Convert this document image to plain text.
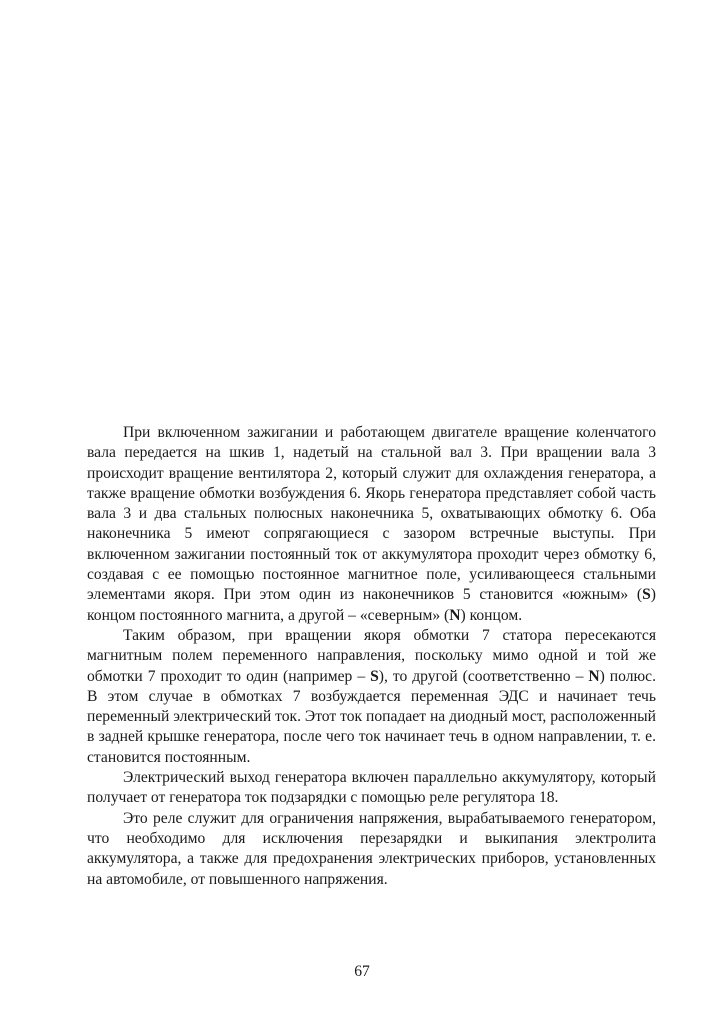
При включенном зажигании и работающем двигателе вращение коленчатого вала передается на шкив 1, надетый на стальной вал 3. При вращении вала 3 происходит вращение вентилятора 2, который служит для охлаждения генератора, а также вращение обмотки возбуждения 6. Якорь генератора представляет собой часть вала 3 и два стальных полюсных наконечника 5, охватывающих обмотку 6. Оба наконечника 5 имеют сопрягающиеся с зазором встречные выступы. При включенном зажигании постоянный ток от аккумулятора проходит через обмотку 6, создавая с ее помощью постоянное магнитное поле, усиливающееся стальными элементами якоря. При этом один из наконечников 5 становится «южным» (S) концом постоянного магнита, а другой – «северным» (N) концом.

Таким образом, при вращении якоря обмотки 7 статора пересекаются магнитным полем переменного направления, поскольку мимо одной и той же обмотки 7 проходит то один (например – S), то другой (соответственно – N) полюс. В этом случае в обмотках 7 возбуждается переменная ЭДС и начинает течь переменный электрический ток. Этот ток попадает на диодный мост, расположенный в задней крышке генератора, после чего ток начинает течь в одном направлении, т. е. становится постоянным.

Электрический выход генератора включен параллельно аккумулятору, который получает от генератора ток подзарядки с помощью реле регулятора 18.

Это реле служит для ограничения напряжения, вырабатываемого генератором, что необходимо для исключения перезарядки и выкипания электролита аккумулятора, а также для предохранения электрических приборов, установленных на автомобиле, от повышенного напряжения.

67
